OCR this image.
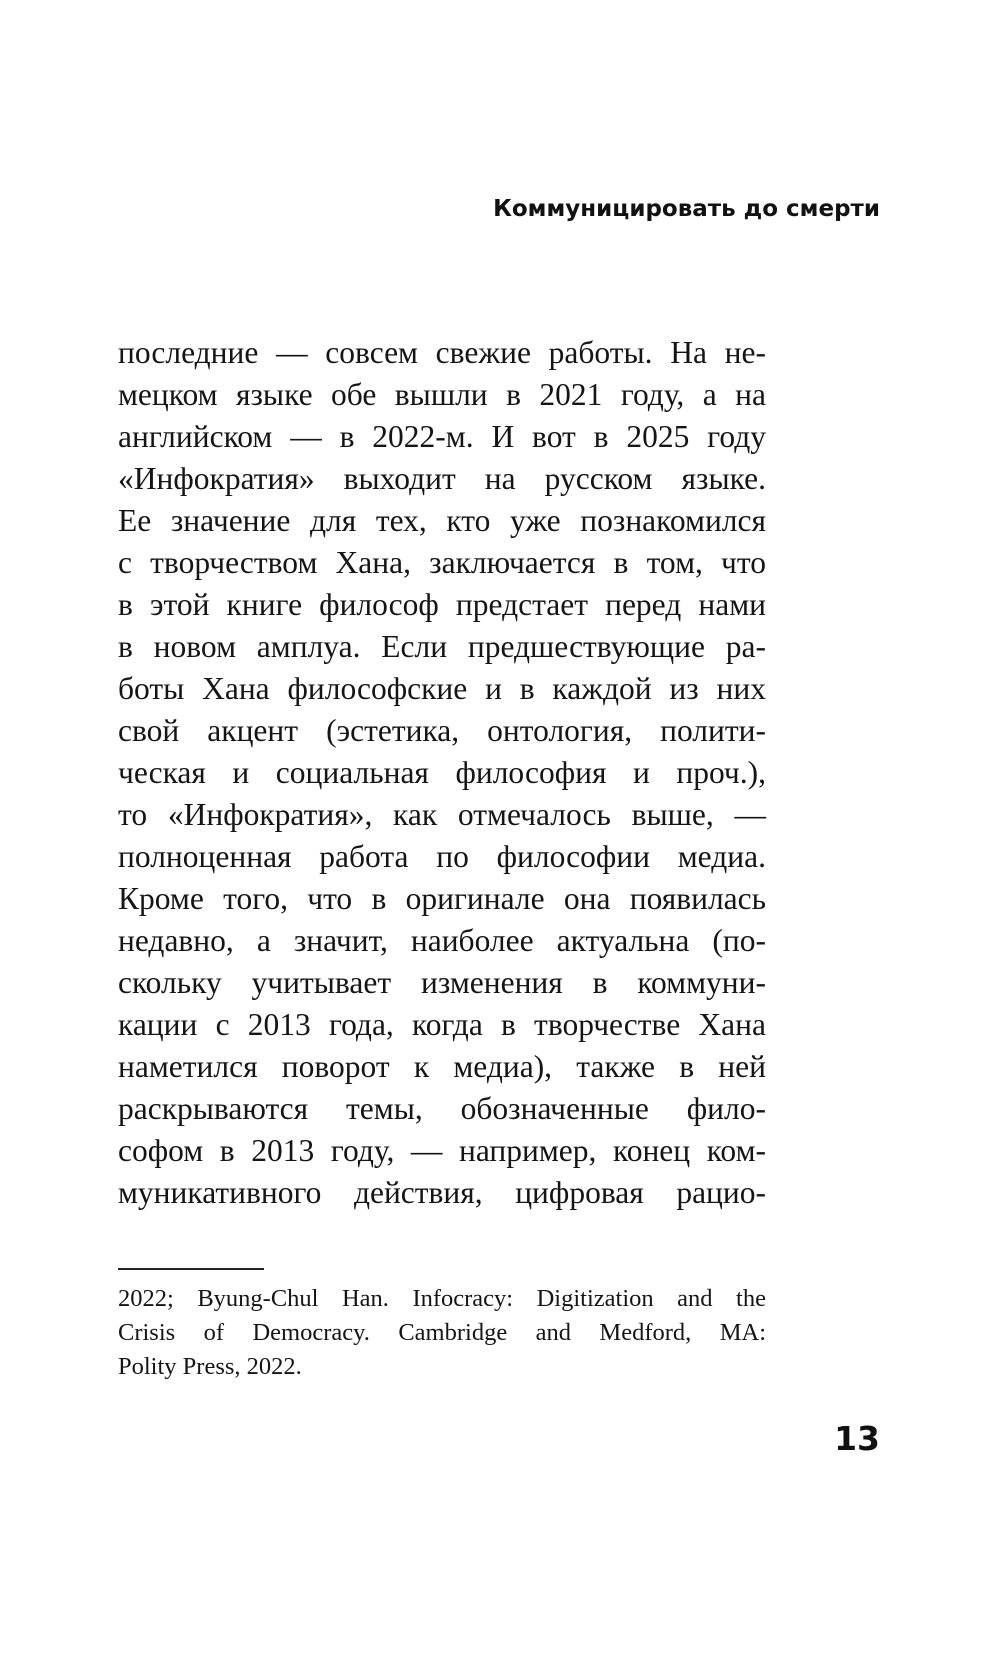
Коммуницировать до смерти
последние — совсем свежие работы. На не-
мецком языке обе вышли в 2021 году, а на
английском — в 2022-м. И вот в 2025 году
«Инфократия» выходит на русском языке.
Ее значение для тех, кто уже познакомился
с творчеством Хана, заключается в том, что
в этой книге философ предстает перед нами
в новом амплуа. Если предшествующие ра-
боты Хана философские и в каждой из них
свой акцент (эстетика, онтология, полити-
ческая и социальная философия и проч.),
то «Инфократия», как отмечалось выше, —
полноценная работа по философии медиа.
Кроме того, что в оригинале она появилась
недавно, а значит, наиболее актуальна (по-
скольку учитывает изменения в коммуни-
кации с 2013 года, когда в творчестве Хана
наметился поворот к медиа), также в ней
раскрываются темы, обозначенные фило-
софом в 2013 году, — например, конец ком-
муникативного действия, цифровая рацио-
2022; Byung-Chul Han. Infocracy: Digitization and the
Crisis of Democracy. Cambridge and Medford, MA:
Polity Press, 2022.
13
